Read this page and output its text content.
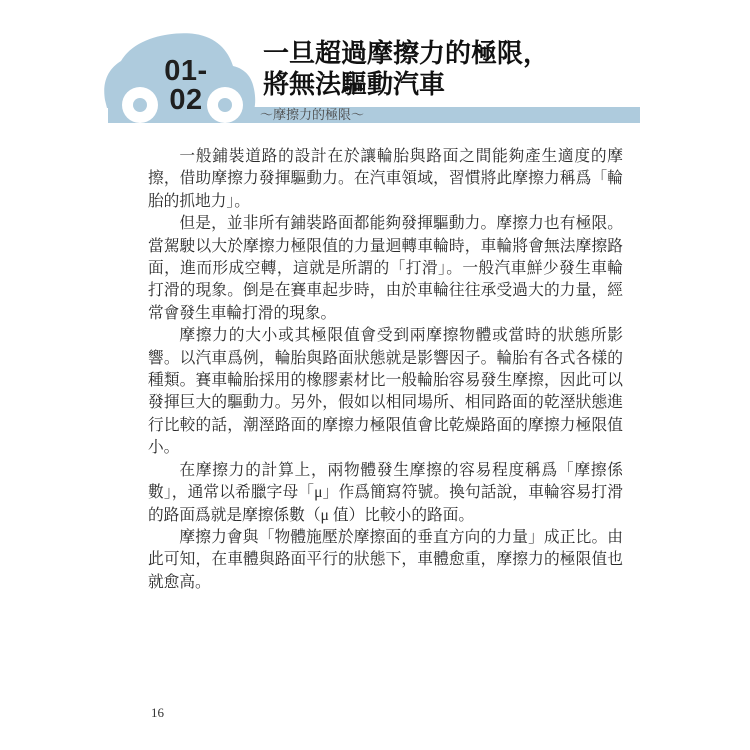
～摩擦力的極限～
01-02
一旦超過摩擦力的極限，
將無法驅動汽車

一般鋪裝道路的設計在於讓輪胎與路面之間能夠產生適度的摩擦，借助摩擦力發揮驅動力。在汽車領域，習慣將此摩擦力稱爲「輪胎的抓地力」。

但是，並非所有鋪裝路面都能夠發揮驅動力。摩擦力也有極限。當駕駛以大於摩擦力極限值的力量迴轉車輪時，車輪將會無法摩擦路面，進而形成空轉，這就是所謂的「打滑」。一般汽車鮮少發生車輪打滑的現象。倒是在賽車起步時，由於車輪往往承受過大的力量，經常會發生車輪打滑的現象。

摩擦力的大小或其極限值會受到兩摩擦物體或當時的狀態所影響。以汽車爲例，輪胎與路面狀態就是影響因子。輪胎有各式各樣的種類。賽車輪胎採用的橡膠素材比一般輪胎容易發生摩擦，因此可以發揮巨大的驅動力。另外，假如以相同場所、相同路面的乾溼狀態進行比較的話，潮溼路面的摩擦力極限值會比乾燥路面的摩擦力極限值小。

在摩擦力的計算上，兩物體發生摩擦的容易程度稱爲「摩擦係數」，通常以希臘字母「μ」作爲簡寫符號。換句話說，車輪容易打滑的路面爲就是摩擦係數（μ 值）比較小的路面。

摩擦力會與「物體施壓於摩擦面的垂直方向的力量」成正比。由此可知，在車體與路面平行的狀態下，車體愈重，摩擦力的極限值也就愈高。

16
